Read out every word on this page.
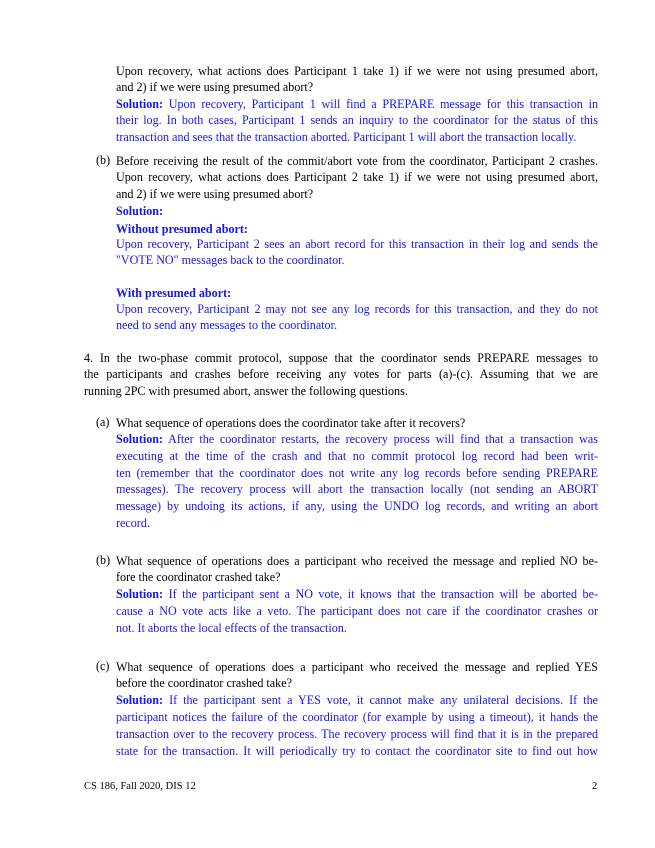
Upon recovery, what actions does Participant 1 take 1) if we were not using presumed abort,
and 2) if we were using presumed abort?
Solution: Upon recovery, Participant 1 will find a PREPARE message for this transaction in
their log. In both cases, Participant 1 sends an inquiry to the coordinator for the status of this
transaction and sees that the transaction aborted. Participant 1 will abort the transaction locally.
(b) Before receiving the result of the commit/abort vote from the coordinator, Participant 2 crashes.
Upon recovery, what actions does Participant 2 take 1) if we were not using presumed abort,
and 2) if we were using presumed abort?
Solution:
Without presumed abort:
Upon recovery, Participant 2 sees an abort record for this transaction in their log and sends the
"VOTE NO" messages back to the coordinator.
With presumed abort:
Upon recovery, Participant 2 may not see any log records for this transaction, and they do not
need to send any messages to the coordinator.
4. In the two-phase commit protocol, suppose that the coordinator sends PREPARE messages to
the participants and crashes before receiving any votes for parts (a)-(c). Assuming that we are
running 2PC with presumed abort, answer the following questions.
(a) What sequence of operations does the coordinator take after it recovers?
Solution: After the coordinator restarts, the recovery process will find that a transaction was
executing at the time of the crash and that no commit protocol log record had been writ-
ten (remember that the coordinator does not write any log records before sending PREPARE
messages). The recovery process will abort the transaction locally (not sending an ABORT
message) by undoing its actions, if any, using the UNDO log records, and writing an abort
record.
(b) What sequence of operations does a participant who received the message and replied NO be-
fore the coordinator crashed take?
Solution: If the participant sent a NO vote, it knows that the transaction will be aborted be-
cause a NO vote acts like a veto. The participant does not care if the coordinator crashes or
not. It aborts the local effects of the transaction.
(c) What sequence of operations does a participant who received the message and replied YES
before the coordinator crashed take?
Solution: If the participant sent a YES vote, it cannot make any unilateral decisions. If the
participant notices the failure of the coordinator (for example by using a timeout), it hands the
transaction over to the recovery process. The recovery process will find that it is in the prepared
state for the transaction. It will periodically try to contact the coordinator site to find out how
CS 186, Fall 2020, DIS 12	2
